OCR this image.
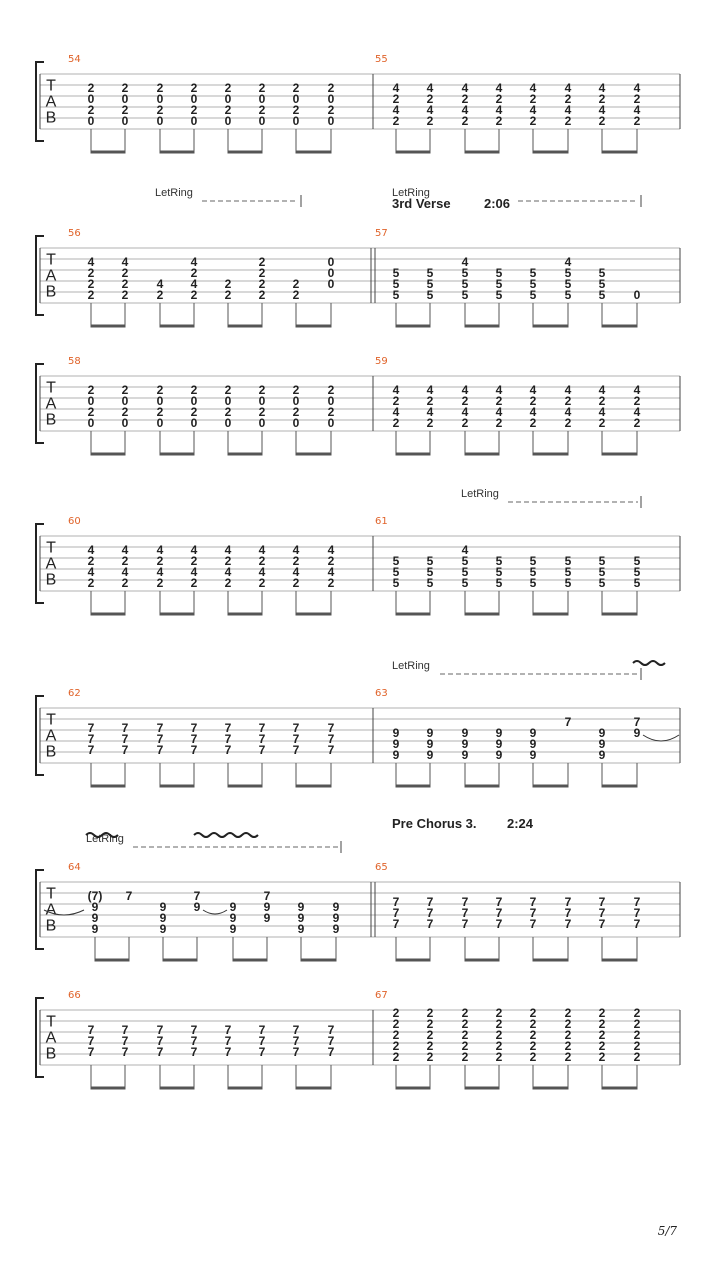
5/7
T
A
B
54
2
0
2
0
2
0
2
0
2
0
2
0
2
0
2
0
2
0
2
0
2
0
2
0
2
0
2
0
2
0
2
0
55
4
2
4
2
4
2
4
2
4
2
4
2
4
2
4
2
4
2
4
2
4
2
4
2
4
2
4
2
4
2
4
2
T
A
B
56
4
2
2
2
4
2
2
2
4
2
4
2
4
2
2
2
2
2
2
2
2
2
0
0
0
57
5
5
5
5
5
5
4
5
5
5
5
5
5
5
5
5
4
5
5
5
5
5
5 0
LetRing	LetRing
3rd Verse	2:06
T
A
B
58
2
0
2
0
2
0
2
0
2
0
2
0
2
0
2
0
2
0
2
0
2
0
2
0
2
0
2
0
2
0
2
0
59
4
2
4
2
4
2
4
2
4
2
4
2
4
2
4
2
4
2
4
2
4
2
4
2
4
2
4
2
4
2
4
2
T
A
B
60
4
2
4
2
4
2
4
2
4
2
4
2
4
2
4
2
4
2
4
2
4
2
4
2
4
2
4
2
4
2
4
2
61
5
5
5
5
5
5
4
5
5
5
5
5
5
5
5
5
5
5
5
5
5
5
5
5
5
LetRing
T
A
B
62
7
7
7
7
7
7
7
7
7
7
7
7
7
7
7
7
7
7
7
7
7
7
7
7
63
9
9
9
9
9
9
9
9
9
9
9
9
9
9
9
7
9
9
9
7
9
LetRing
T
A
B
64
(7)
9
9
9
7
9
9
9
7
9 9
9
9
7
9
9
9
9
9
9
9
9
65
7
7
7
7
7
7
7
7
7
7
7
7
7
7
7
7
7
7
7
7
7
7
7
7
LetRing
Pre Chorus 3. 2:24
T
A
B
66
7
7
7
7
7
7
7
7
7
7
7
7
7
7
7
7
7
7
7
7
7
7
7
7
67
2
2
2
2
2
2
2
2
2
2
2
2
2
2
2
2
2
2
2
2
2
2
2
2
2
2
2
2
2
2
2
2
2
2
2
2
2
2
2
2
